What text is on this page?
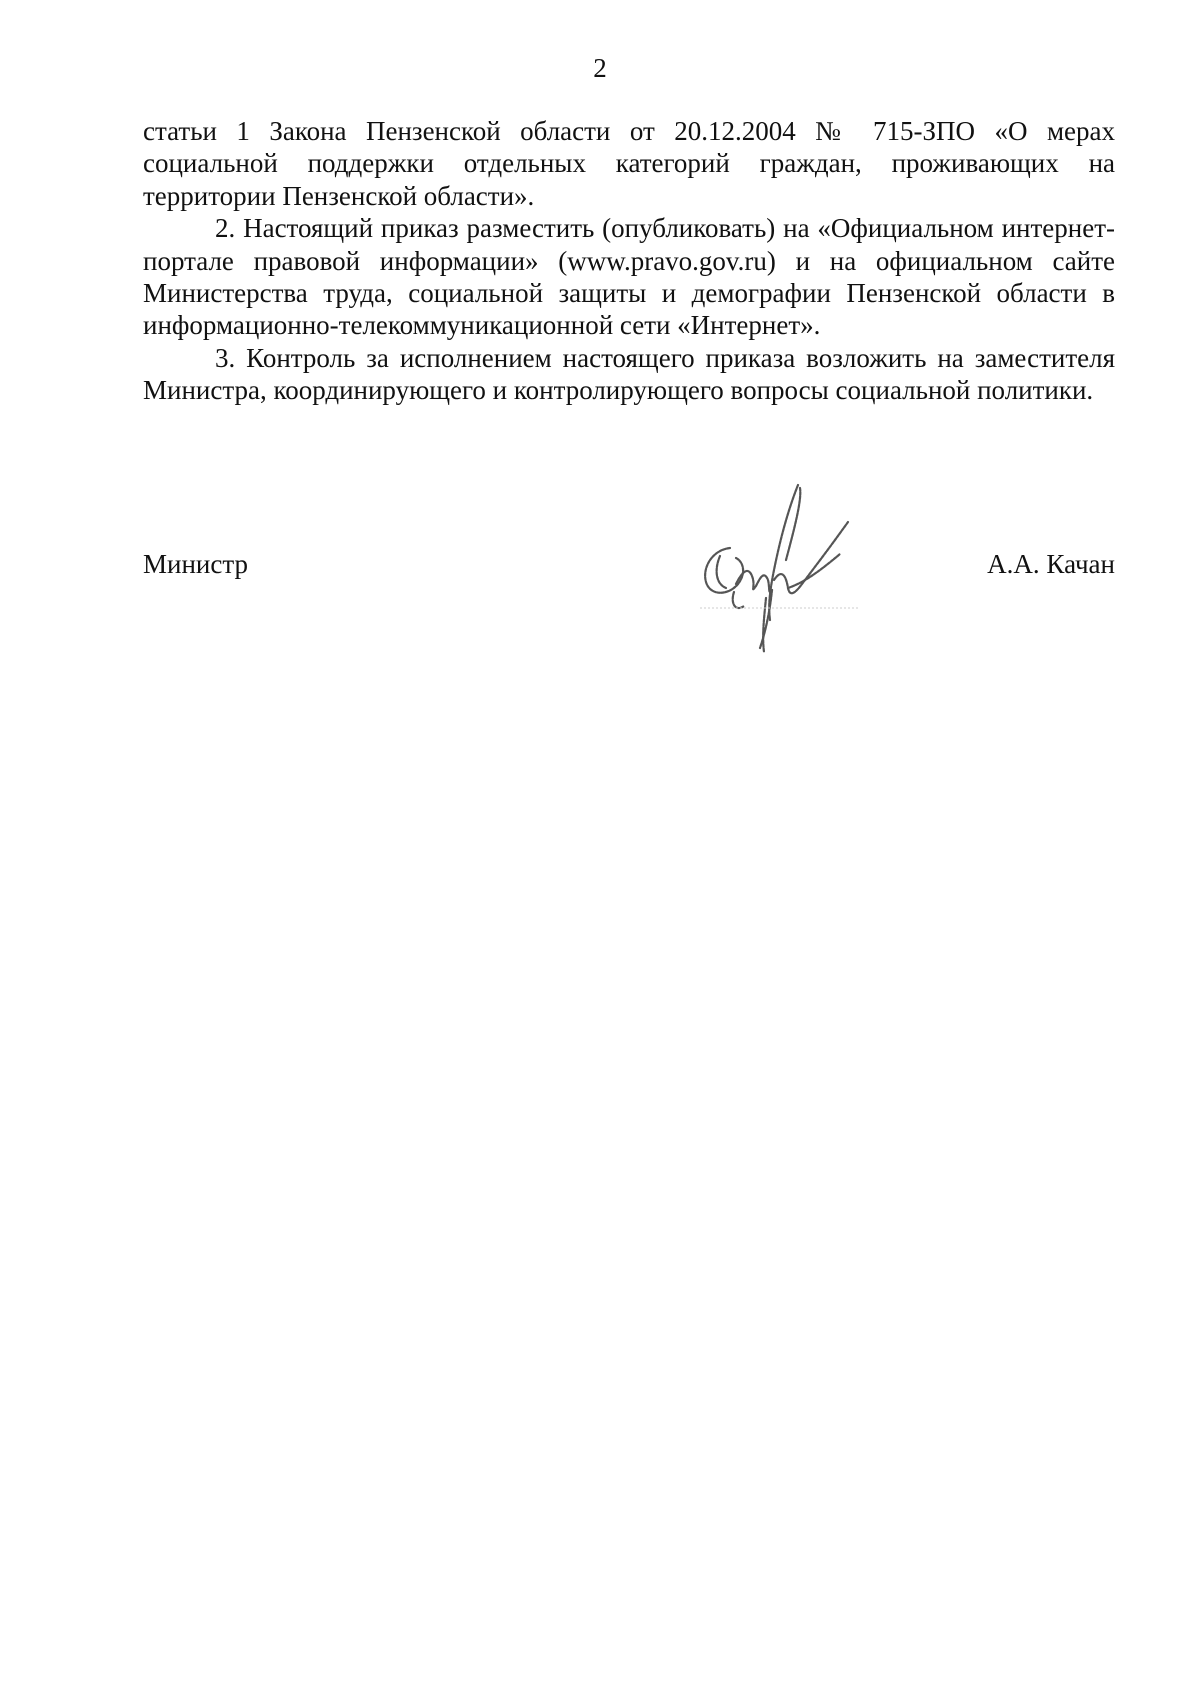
2

статьи 1 Закона Пензенской области от 20.12.2004 № 715-ЗПО «О мерах социальной поддержки отдельных категорий граждан, проживающих на территории Пензенской области».

2. Настоящий приказ разместить (опубликовать) на «Официальном интернет-портале правовой информации» (www.pravo.gov.ru) и на официальном сайте Министерства труда, социальной защиты и демографии Пензенской области в информационно-телекоммуникационной сети «Интернет».

3. Контроль за исполнением настоящего приказа возложить на заместителя Министра, координирующего и контролирующего вопросы социальной политики.

Министр	А.А. Качан
